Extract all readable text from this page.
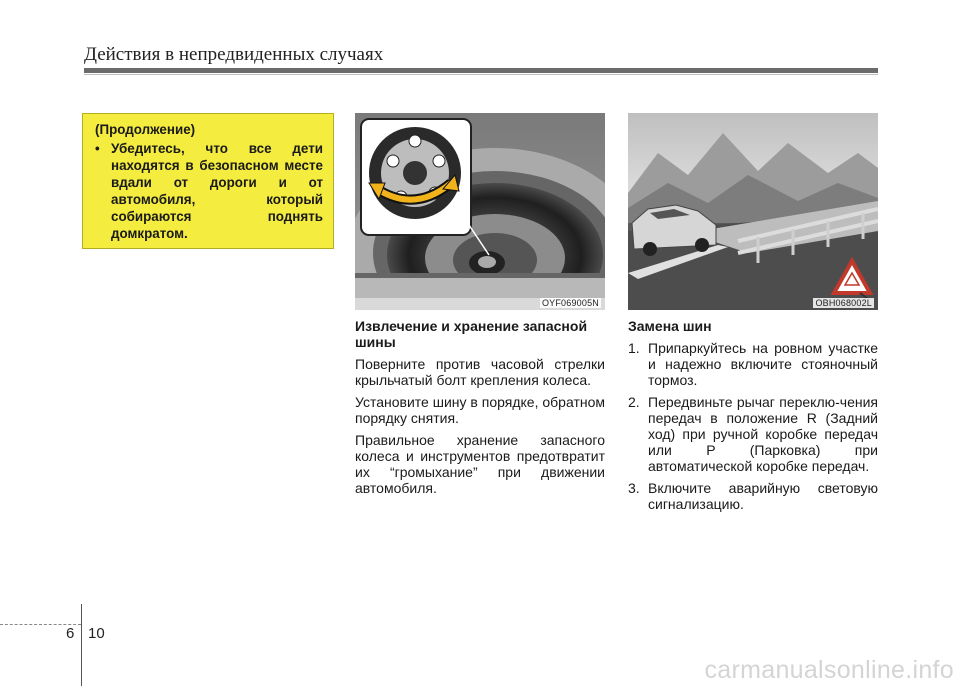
Действия в непредвиденных случаях
(Продолжение)
• Убедитесь, что все дети находятся в безопасном месте вдали от дороги и от автомобиля, который собираются поднять домкратом.
OYF069005N	OBH068002L
Извлечение и хранение запасной шины
Поверните против часовой стрелки крыльчатый болт крепления колеса.
Установите шину в порядке, обратном порядку снятия.
Правильное хранение запасного колеса и инструментов предотвратит их “громыхание” при движении автомобиля.
Замена шин
1. Припаркуйтесь на ровном участке и надежно включите стояночный тормоз.
2. Передвиньте рычаг переклю-чения передач в положение R (Задний ход) при ручной коробке передач или P (Парковка) при автоматической коробке передач.
3. Включите аварийную световую сигнализацию.
6 10
carmanualsonline.info
